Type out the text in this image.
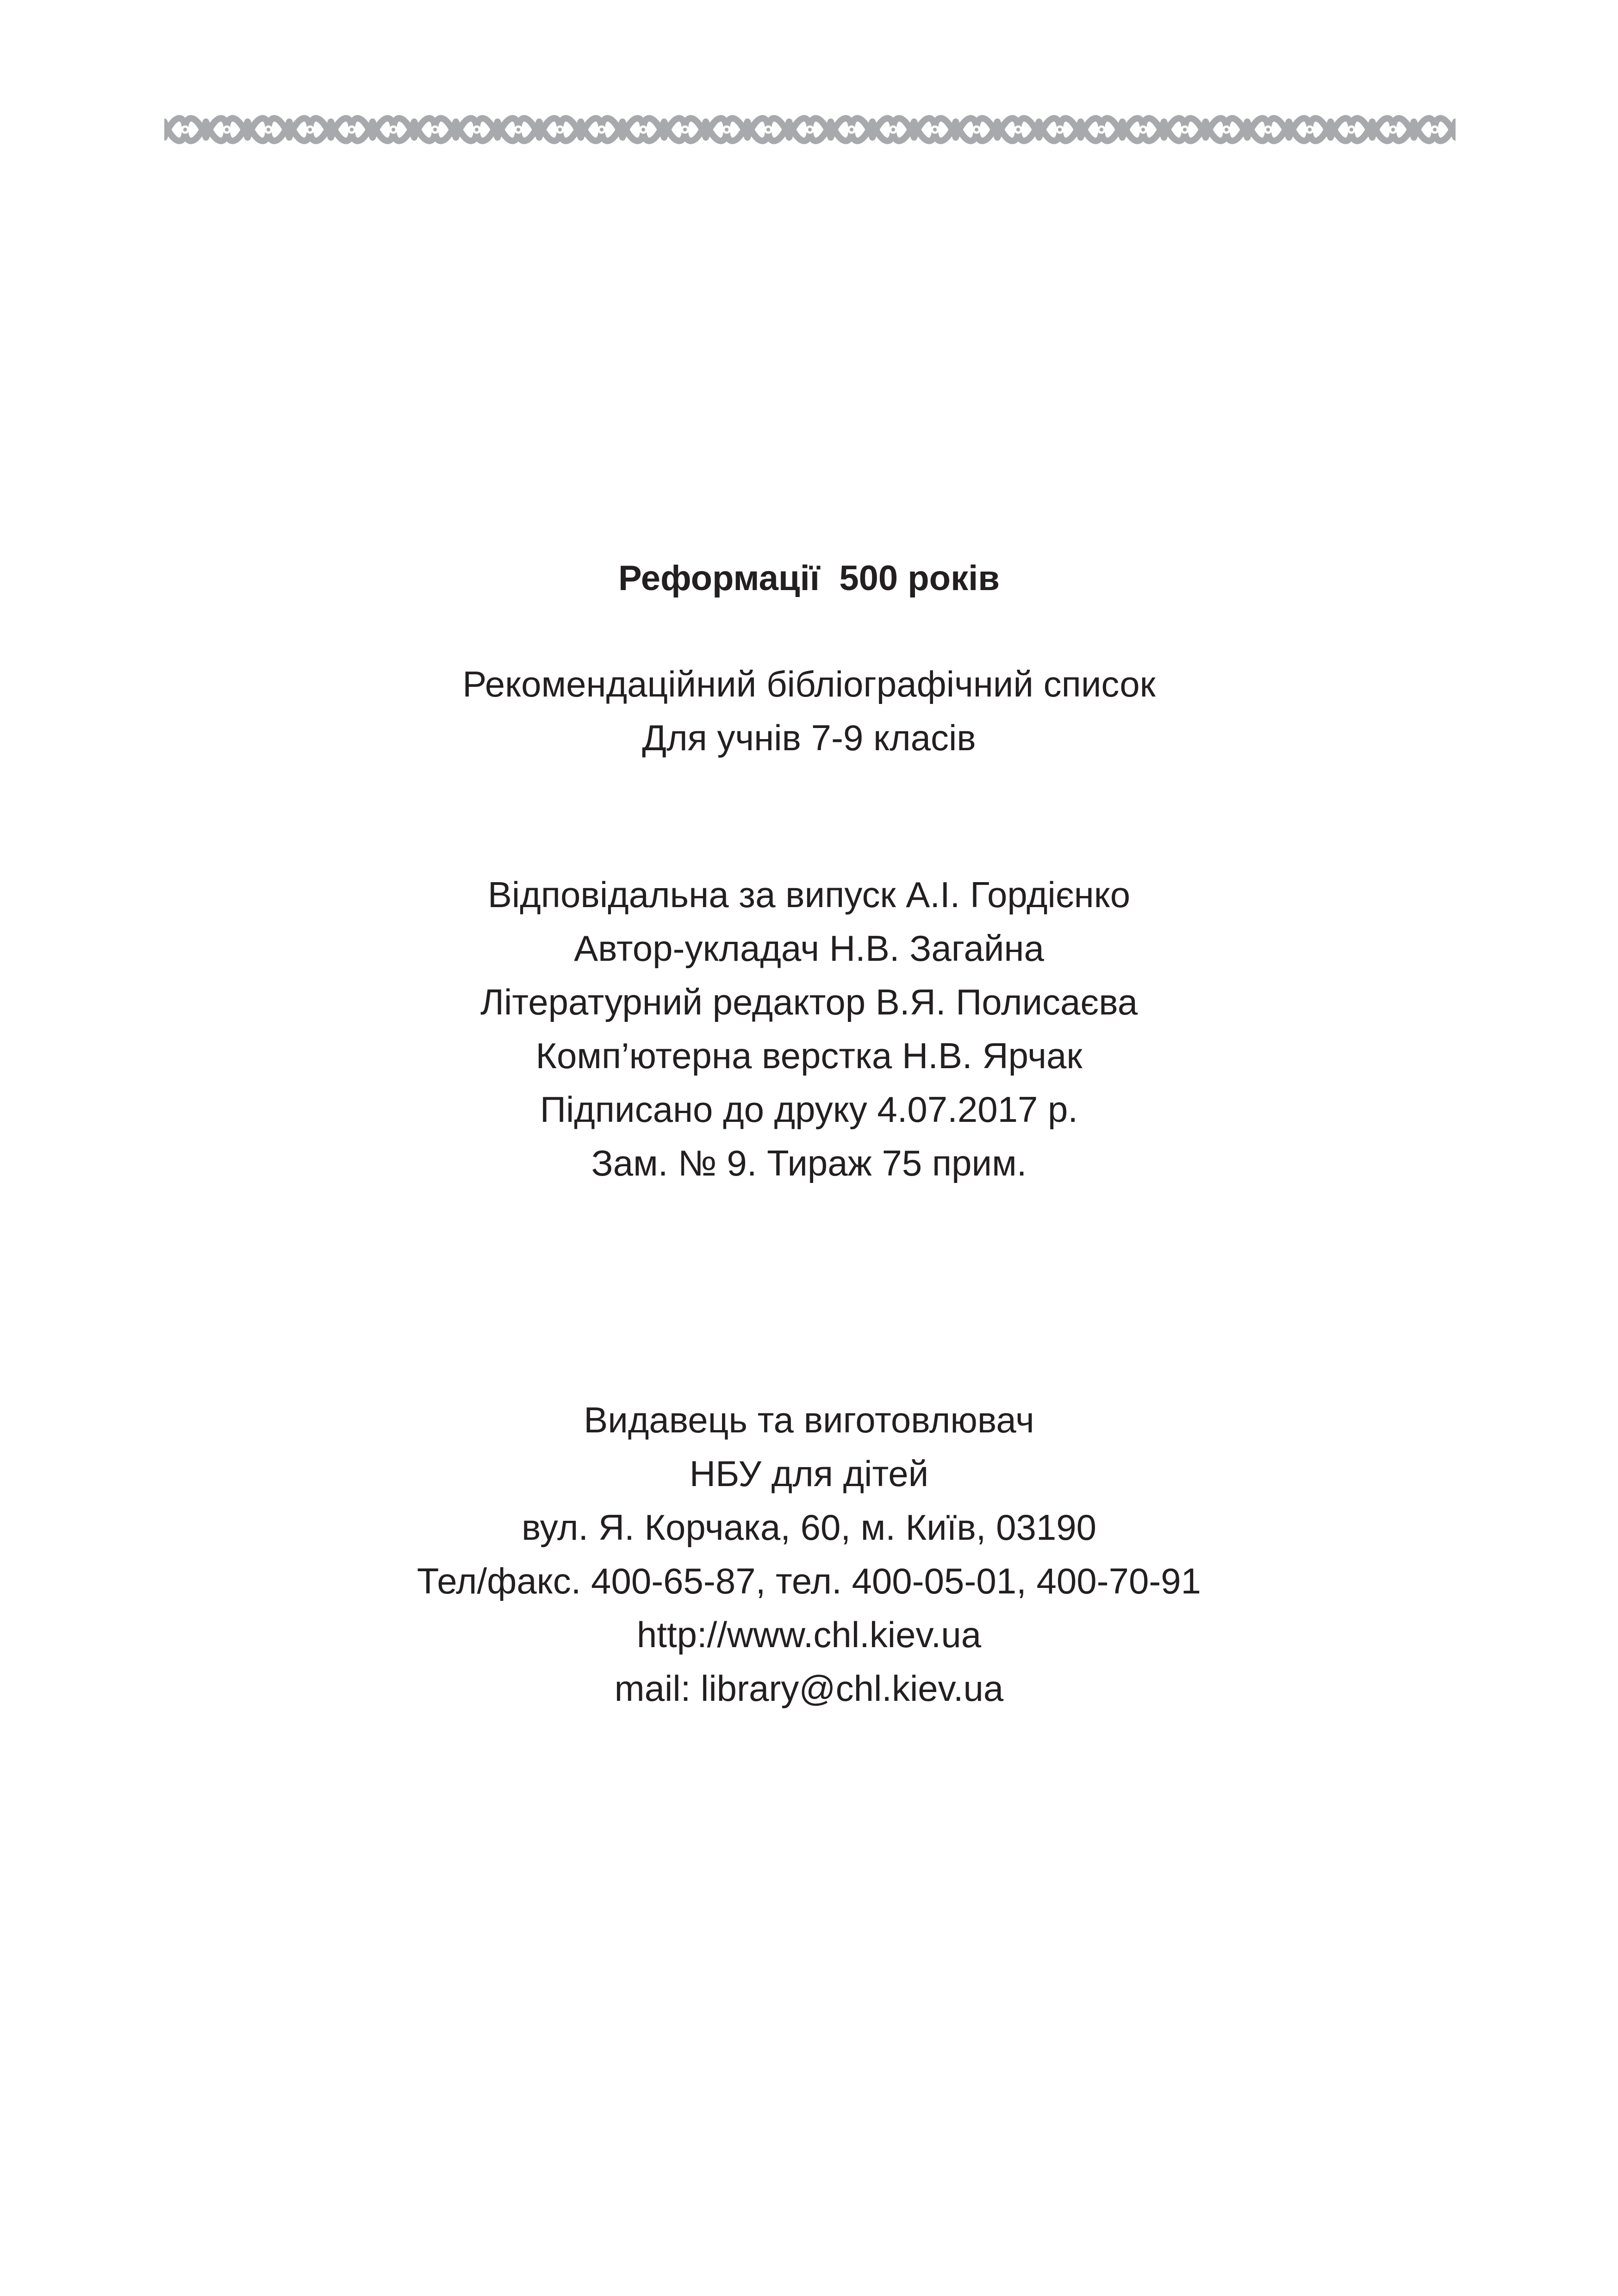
Реформації  500 років
Рекомендаційний бібліографічний список
Для учнів 7-9 класів
Відповідальна за випуск А.І. Гордієнко
Автор-укладач Н.В. Загайна
Літературний редактор В.Я. Полисаєва
Комп’ютерна верстка Н.В. Ярчак
Підписано до друку 4.07.2017 р.
Зам. № 9. Тираж 75 прим.
Видавець та виготовлювач
НБУ для дітей
вул. Я. Корчака, 60, м. Київ, 03190
Тел/факс. 400-65-87, тел. 400-05-01, 400-70-91
http://www.chl.kiev.ua
mail: library@chl.kiev.ua
